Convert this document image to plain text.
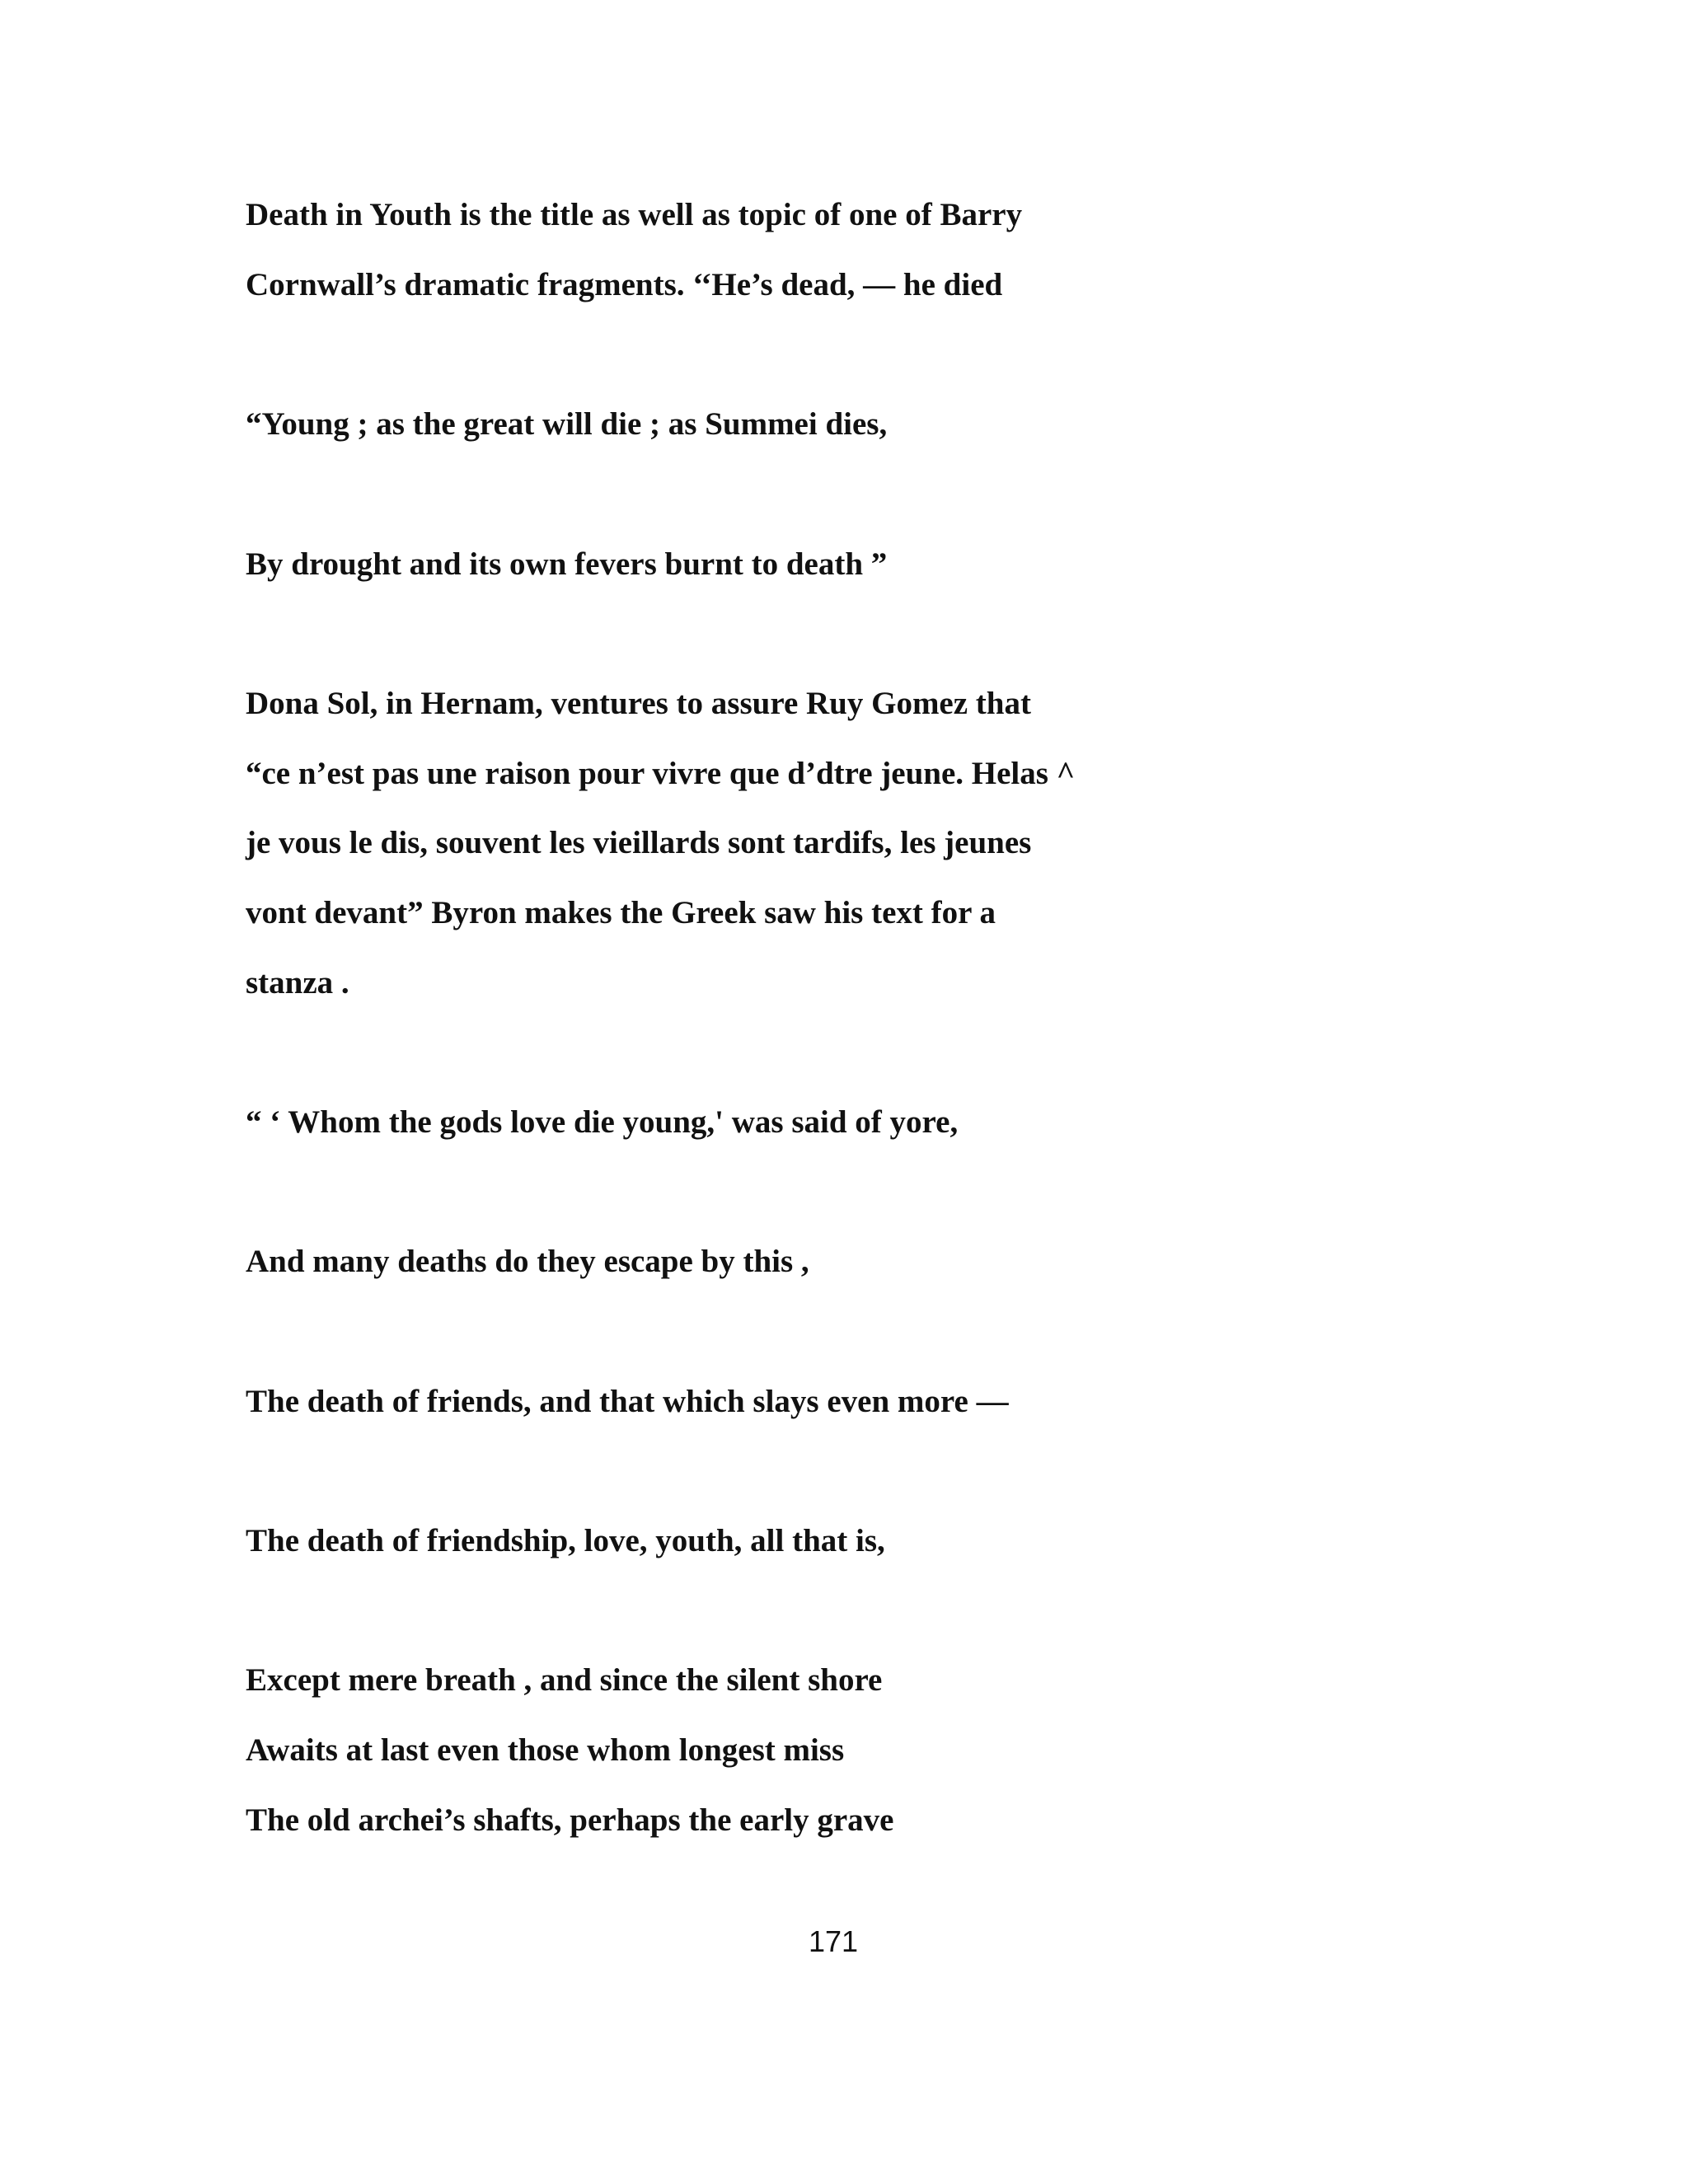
Death in Youth is the title as well as topic of one of Barry

Cornwall’s dramatic fragments. ‘‘He’s dead, — he died

“Young ; as the great will die ; as Summei dies,

By drought and its own fevers burnt to death ”

Dona Sol, in Hernam, ventures to assure Ruy Gomez that

“ce n’est pas une raison pour vivre que d’dtre jeune. Helas ^

je vous le dis, souvent les vieillards sont tardifs, les jeunes

vont devant” Byron makes the Greek saw his text for a

stanza .

“ ‘ Whom the gods love die young,' was said of yore,

And many deaths do they escape by this ,

The death of friends, and that which slays even more —

The death of friendship, love, youth, all that is,

Except mere breath , and since the silent shore

Awaits at last even those whom longest miss

The old archei’s shafts, perhaps the early grave

171
